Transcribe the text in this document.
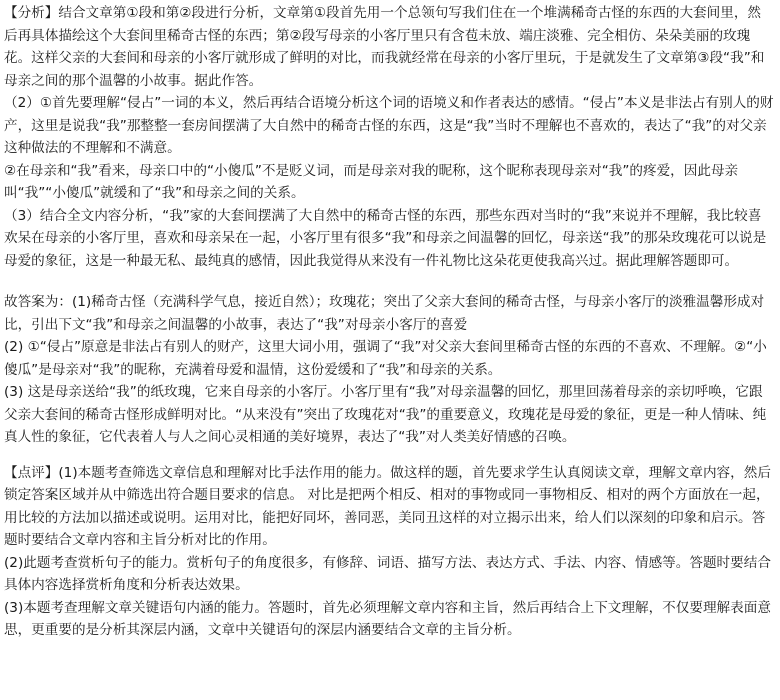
【分析】结合文章第①段和第②段进行分析，文章第①段首先用一个总领句写我们住在一个堆满稀奇古怪的东西的大套间里，然后再具体描绘这个大套间里稀奇古怪的东西；第②段写母亲的小客厅里只有含苞未放、端庄淡雅、完全相仿、朵朵美丽的玫瑰花。这样父亲的大套间和母亲的小客厅就形成了鲜明的对比，而我就经常在母亲的小客厅里玩，于是就发生了文章第③段“我”和母亲之间的那个温馨的小故事。据此作答。

（2）①首先要理解“侵占”一词的本义，然后再结合语境分析这个词的语境义和作者表达的感情。“侵占”本义是非法占有别人的财产，这里是说我“我”那整整一套房间摆满了大自然中的稀奇古怪的东西，这是“我”当时不理解也不喜欢的，表达了“我”的对父亲这种做法的不理解和不满意。

②在母亲和“我”看来，母亲口中的“小傻瓜”不是贬义词，而是母亲对我的昵称，这个昵称表现母亲对“我”的疼爱，因此母亲叫“我”“小傻瓜”就缓和了“我”和母亲之间的关系。

（3）结合全文内容分析，“我”家的大套间摆满了大自然中的稀奇古怪的东西，那些东西对当时的“我”来说并不理解，我比较喜欢呆在母亲的小客厅里，喜欢和母亲呆在一起，小客厅里有很多“我”和母亲之间温馨的回忆，母亲送“我”的那朵玫瑰花可以说是母爱的象征，这是一种最无私、最纯真的感情，因此我觉得从来没有一件礼物比这朵花更使我高兴过。据此理解答题即可。

故答案为：(1)稀奇古怪（充满科学气息，接近自然）；玫瑰花；突出了父亲大套间的稀奇古怪，与母亲小客厅的淡雅温馨形成对比，引出下文“我”和母亲之间温馨的小故事，表达了“我”对母亲小客厅的喜爱

(2) ①“侵占”原意是非法占有别人的财产，这里大词小用，强调了“我”对父亲大套间里稀奇古怪的东西的不喜欢、不理解。②“小傻瓜”是母亲对“我”的昵称，充满着母爱和温情，这份爱缓和了“我”和母亲的关系。

(3) 这是母亲送给“我”的纸玫瑰，它来自母亲的小客厅。小客厅里有“我”对母亲温馨的回忆，那里回荡着母亲的亲切呼唤，它跟父亲大套间的稀奇古怪形成鲜明对比。“从来没有”突出了玫瑰花对“我”的重要意义，玫瑰花是母爱的象征，更是一种人情味、纯真人性的象征，它代表着人与人之间心灵相通的美好境界，表达了“我”对人类美好情感的召唤。

【点评】(1)本题考查筛选文章信息和理解对比手法作用的能力。做这样的题，首先要求学生认真阅读文章，理解文章内容，然后锁定答案区域并从中筛选出符合题目要求的信息。 对比是把两个相反、相对的事物或同一事物相反、相对的两个方面放在一起，用比较的方法加以描述或说明。运用对比，能把好同坏，善同恶，美同丑这样的对立揭示出来，给人们以深刻的印象和启示。答题时要结合文章内容和主旨分析对比的作用。

(2)此题考查赏析句子的能力。赏析句子的角度很多，有修辞、词语、描写方法、表达方式、手法、内容、情感等。答题时要结合具体内容选择赏析角度和分析表达效果。

(3)本题考查理解文章关键语句内涵的能力。答题时，首先必须理解文章内容和主旨，然后再结合上下文理解，不仅要理解表面意思，更重要的是分析其深层内涵，文章中关键语句的深层内涵要结合文章的主旨分析。
